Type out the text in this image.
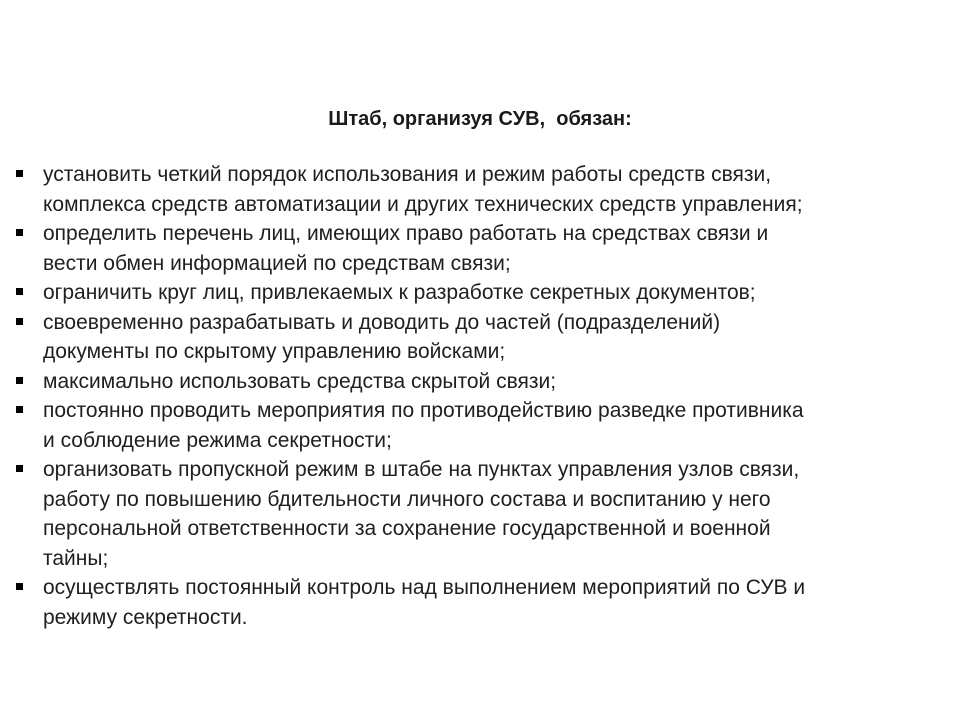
Штаб, организуя СУВ,  обязан:
установить четкий порядок использования и режим работы средств связи,
комплекса средств автоматизации и других технических средств управления;
определить перечень лиц, имеющих право работать на средствах связи и
вести обмен информацией по средствам связи;
ограничить круг лиц, привлекаемых к разработке секретных документов;
своевременно разрабатывать и доводить до частей (подразделений)
документы по скрытому управлению войсками;
максимально использовать средства скрытой связи;
постоянно проводить мероприятия по противодействию разведке противника
и соблюдение режима секретности;
организовать пропускной режим в штабе на пунктах управления узлов связи,
работу по повышению бдительности личного состава и воспитанию у него
персональной ответственности за сохранение государственной и военной
тайны;
осуществлять постоянный контроль над выполнением мероприятий по СУВ и
режиму секретности.
